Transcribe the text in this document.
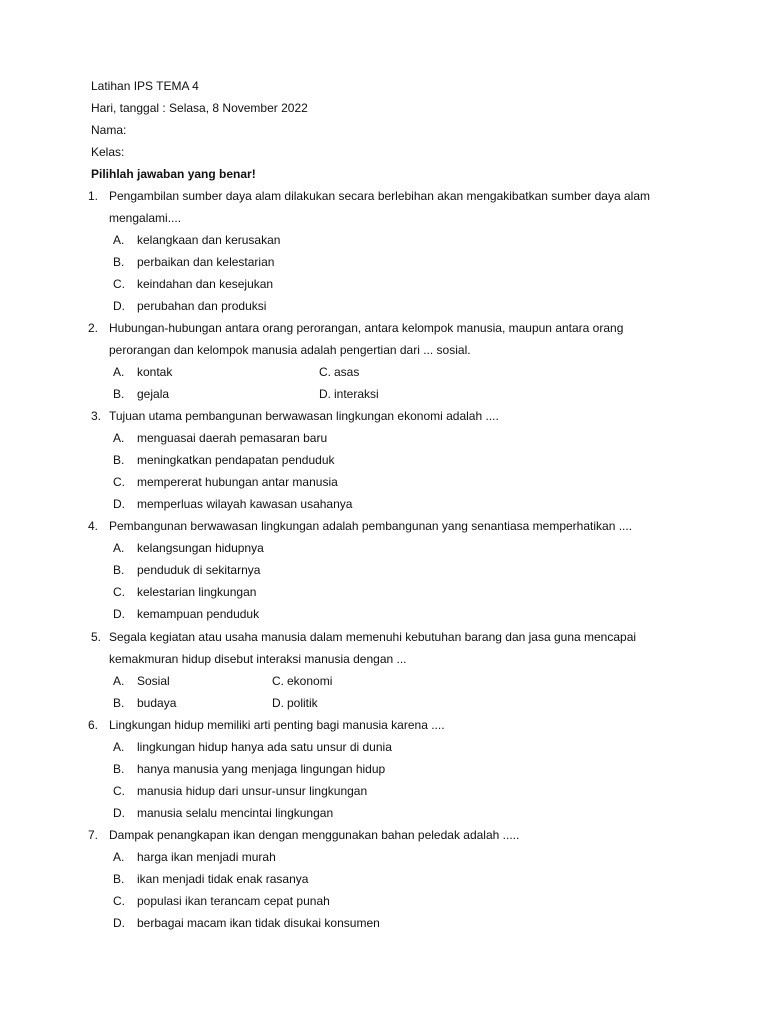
Latihan IPS TEMA 4
Hari, tanggal : Selasa, 8 November 2022
Nama:
Kelas:
Pilihlah jawaban yang benar!
1. Pengambilan sumber daya alam dilakukan secara berlebihan akan mengakibatkan sumber daya alam
mengalami....
A. kelangkaan dan kerusakan
B. perbaikan dan kelestarian
C. keindahan dan kesejukan
D. perubahan dan produksi
2. Hubungan-hubungan antara orang perorangan, antara kelompok manusia, maupun antara orang
perorangan dan kelompok manusia adalah pengertian dari ... sosial.
A. kontak	C. asas
B. gejala	D. interaksi
3. Tujuan utama pembangunan berwawasan lingkungan ekonomi adalah ....
A. menguasai daerah pemasaran baru
B. meningkatkan pendapatan penduduk
C. mempererat hubungan antar manusia
D. memperluas wilayah kawasan usahanya
4. Pembangunan berwawasan lingkungan adalah pembangunan yang senantiasa memperhatikan ....
A. kelangsungan hidupnya
B. penduduk di sekitarnya
C. kelestarian lingkungan
D. kemampuan penduduk
5. Segala kegiatan atau usaha manusia dalam memenuhi kebutuhan barang dan jasa guna mencapai
kemakmuran hidup disebut interaksi manusia dengan ...
A. Sosial	C. ekonomi
B. budaya	D. politik
6. Lingkungan hidup memiliki arti penting bagi manusia karena ....
A. lingkungan hidup hanya ada satu unsur di dunia
B. hanya manusia yang menjaga lingungan hidup
C. manusia hidup dari unsur-unsur lingkungan
D. manusia selalu mencintai lingkungan
7. Dampak penangkapan ikan dengan menggunakan bahan peledak adalah .....
A. harga ikan menjadi murah
B. ikan menjadi tidak enak rasanya
C. populasi ikan terancam cepat punah
D. berbagai macam ikan tidak disukai konsumen
